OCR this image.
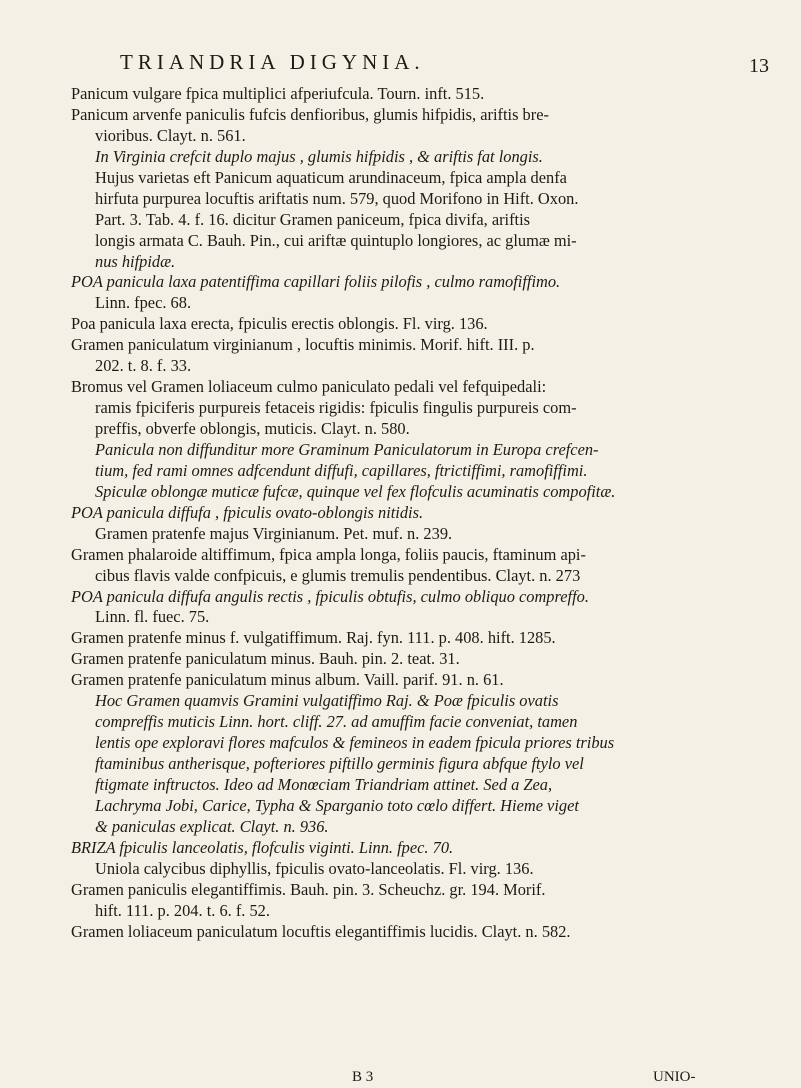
TRIANDRIA DIGYNIA.	13
Panicum vulgare fpica multiplici afperiufcula. Tourn. inft. 515.
Panicum arvenfe paniculis fufcis denfioribus, glumis hifpidis, ariftis bre-
vioribus. Clayt. n. 561.
In Virginia crefcit duplo majus , glumis hifpidis , & ariftis fat longis.
Hujus varietas eft Panicum aquaticum arundinaceum, fpica ampla denfa
hirfuta purpurea locuftis ariftatis num. 579, quod Morifono in Hift. Oxon.
Part. 3. Tab. 4. f. 16. dicitur Gramen paniceum, fpica divifa, ariftis
longis armata C. Bauh. Pin., cui ariftæ quintuplo longiores, ac glumæ mi-
nus hifpidæ.
POA panicula laxa patentiffima capillari foliis pilofis , culmo ramofiffimo.
Linn. fpec. 68.
Poa panicula laxa erecta, fpiculis erectis oblongis. Fl. virg. 136.
Gramen paniculatum virginianum , locuftis minimis. Morif. hift. III. p.
202. t. 8. f. 33.
Bromus vel Gramen loliaceum culmo paniculato pedali vel fefquipedali:
ramis fpiciferis purpureis fetaceis rigidis: fpiculis fingulis purpureis com-
preffis, obverfe oblongis, muticis. Clayt. n. 580.
Panicula non diffunditur more Graminum Paniculatorum in Europa crefcen-
tium, fed rami omnes adfcendunt diffufi, capillares, ftrictiffimi, ramofiffimi.
Spiculæ oblongæ muticæ fufcæ, quinque vel fex flofculis acuminatis compofitæ.
POA panicula diffufa , fpiculis ovato-oblongis nitidis.
Gramen pratenfe majus Virginianum. Pet. muf. n. 239.
Gramen phalaroide altiffimum, fpica ampla longa, foliis paucis, ftaminum api-
cibus flavis valde confpicuis, e glumis tremulis pendentibus. Clayt. n. 273
POA panicula diffufa angulis rectis , fpiculis obtufis, culmo obliquo compreffo.
Linn. fl. fuec. 75.
Gramen pratenfe minus f. vulgatiffimum. Raj. fyn. 111. p. 408. hift. 1285.
Gramen pratenfe paniculatum minus. Bauh. pin. 2. teat. 31.
Gramen pratenfe paniculatum minus album. Vaill. parif. 91. n. 61.
Hoc Gramen quamvis Gramini vulgatiffimo Raj. & Poæ fpiculis ovatis
compreffis muticis Linn. hort. cliff. 27. ad amuffim facie conveniat, tamen
lentis ope exploravi flores mafculos & femineos in eadem fpicula priores tribus
ftaminibus antherisque, pofteriores piftillo germinis figura abfque ftylo vel
ftigmate inftructos. Ideo ad Monœciam Triandriam attinet. Sed a Zea,
Lachryma Jobi, Carice, Typha & Sparganio toto cœlo differt. Hieme viget
& paniculas explicat. Clayt. n. 936.
BRIZA fpiculis lanceolatis, flofculis viginti. Linn. fpec. 70.
Uniola calycibus diphyllis, fpiculis ovato-lanceolatis. Fl. virg. 136.
Gramen paniculis elegantiffimis. Bauh. pin. 3. Scheuchz. gr. 194. Morif.
hift. 111. p. 204. t. 6. f. 52.
Gramen loliaceum paniculatum locuftis elegantiffimis lucidis. Clayt. n. 582.
B 3	UNIO-
